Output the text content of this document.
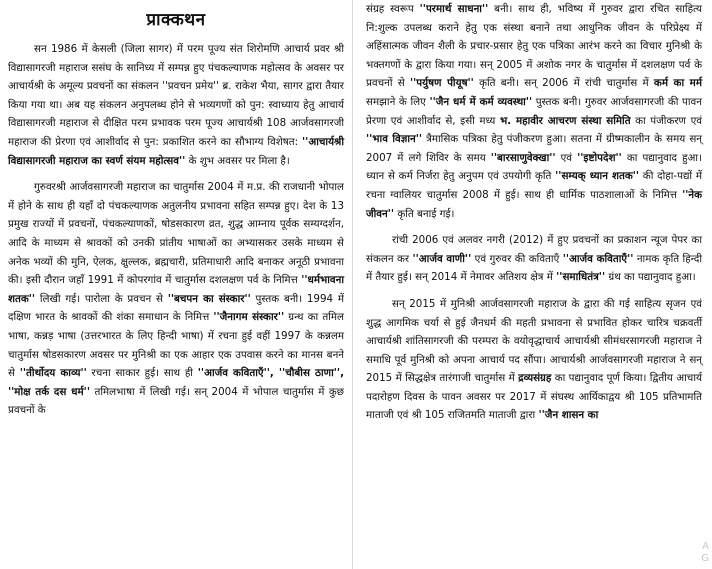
प्राक्कथन

सन 1986 में केसली (जिला सागर) में परम पूज्य संत शिरोमणि आचार्य प्रवर श्री विद्यासागरजी महाराज ससंघ के सानिध्य में सम्पन्न हुए पंचकल्याणक महोत्सव के अवसर पर आचार्यश्री के अमूल्य प्रवचनों का संकलन ''प्रवचन प्रमेय'' ब्र. राकेश भैया, सागर द्वारा तैयार किया गया था। अब यह संकलन अनुपलब्ध होने से भव्यगणों को पुन: स्वाध्याय हेतु आचार्य विद्यासागरजी महाराज से दीक्षित परम प्रभावक परम पूज्य आचार्यश्री 108 आर्जवसागरजी महाराज की प्रेरणा एवं आशीर्वाद से पुन: प्रकाशित करने का सौभाग्य विशेषत: ''आचार्यश्री विद्यासागरजी महाराज का स्वर्ण संयम महोत्सव'' के शुभ अवसर पर मिला है।

गुरुवरश्री आर्जवसागरजी महाराज का चातुर्मास 2004 में म.प्र. की राजधानी भोपाल में होने के साथ ही यहाँ दो पंचकल्याणक अतुलनीय प्रभावना सहित सम्पन्न हुए। देश के 13 प्रमुख राज्यों में प्रवचनों, पंचकल्याणकों, षोडसकारण व्रत, शुद्ध आम्नाय पूर्वक सम्यग्दर्शन, आदि के माध्यम से श्रावकों को उनकी प्रांतीय भाषाओं का अभ्यासकर उसके माध्यम से अनेक भव्यों की मुनि, ऐलक, क्षुल्लक, ब्रह्मचारी, प्रतिमाधारी आदि बनाकर अनूठी प्रभावना की। इसी दौरान जहाँ 1991 में कोपरगांव में चातुर्मास दशलक्षण पर्व के निमित्त ''धर्मभावना शतक'' लिखी गई। पारोला के प्रवचन से ''बचपन का संस्कार'' पुस्तक बनी। 1994 में दक्षिण भारत के श्रावकों की शंका समाधान के निमित्त ''जैनागम संस्कार'' ग्रन्थ का तमिल भाषा, कन्नड़ भाषा (उत्तरभारत के लिए हिन्दी भाषा) में रचना हुई वहीं 1997 के कन्नलम चातुर्मास षोडसकारण अवसर पर मुनिश्री का एक आहार एक उपवास करने का मानस बनने से ''तीर्थोदय काव्य'' रचना साकार हुई। साथ ही ''आर्जव कविताएँ'', ''चौबीस ठाणा'', ''मोक्ष तर्क दस धर्म'' तमिलभाषा में लिखी गई। सन् 2004 में भोपाल चातुर्मास में कुछ प्रवचनों के

संग्रह स्वरूप ''परमार्थ साधना'' बनी। साथ ही, भविष्य में गुरुवर द्वारा रचित साहित्य नि:शुल्क उपलब्ध कराने हेतु एक संस्था बनाने तथा आधुनिक जीवन के परिप्रेक्ष्य में अहिंसात्मक जीवन शैली के प्रचार-प्रसार हेतु एक पत्रिका आरंभ करने का विचार मुनिश्री के भक्तगणों के द्वारा किया गया। सन् 2005 में अशोक नगर के चातुर्मास में दशलक्षण पर्व के प्रवचनों से ''पर्युषण पीयूष'' कृति बनी। सन् 2006 में रांची चातुर्मास में कर्म का मर्म समझाने के लिए ''जैन धर्म में कर्म व्यवस्था'' पुस्तक बनी। गुरुवर आर्जवसागरजी की पावन प्रेरणा एवं आशीर्वाद से, इसी मध्य भ. महावीर आचरण संस्था समिति का पंजीकरण एवं ''भाव विज्ञान'' त्रैमासिक पत्रिका हेतु पंजीकरण हुआ। सतना में ग्रीष्मकालीन के समय सन् 2007 में लगे शिविर के समय ''बारसाणुवेक्खा'' एवं ''इष्टोपदेश'' का पद्यानुवाद हुआ। ध्यान से कर्म निर्जरा हेतु अनुपम एवं उपयोगी कृति ''सम्यक् ध्यान शतक'' की दोहा-पद्यों में रचना ग्वालियर चातुर्मास 2008 में हुई। साथ ही धार्मिक पाठशालाओं के निमित्त ''नेक जीवन'' कृति बनाई गई।

रांची 2006 एवं अलवर नगरी (2012) में हुए प्रवचनों का प्रकाशन न्यूज पेपर का संकलन कर ''आर्जव वाणी'' एवं गुरुवर की कविताएँ ''आर्जव कविताएँ'' नामक कृति हिन्दी में तैयार हुई। सन् 2014 में नेमावर अतिशय क्षेत्र में ''समाधितंत्र'' ग्रंथ का पद्यानुवाद हुआ।

सन् 2015 में मुनिश्री आर्जवसागरजी महाराज के द्वारा की गई साहित्य सृजन एवं शुद्ध आगमिक चर्या से हुई जैनधर्म की महती प्रभावना से प्रभावित होकर चारित्र चक्रवर्ती आचार्यश्री शांतिसागरजी की परम्परा के वयोवृद्धाचार्य आचार्यश्री सीमंधरसागरजी महाराज ने समाधि पूर्व मुनिश्री को अपना आचार्य पद सौंपा। आचार्यश्री आर्जवसागरजी महाराज ने सन् 2015 में सिद्धक्षेत्र तारंगाजी चातुर्मास में द्रव्यसंग्रह का पद्यानुवाद पूर्ण किया। द्वितीय आचार्य पदारोहण दिवस के पावन अवसर पर 2017 में संघस्थ आर्यिकाद्वय श्री 105 प्रतिभामति माताजी एवं श्री 105 राजितमति माताजी द्वारा ''जैन शासन का

A
G
